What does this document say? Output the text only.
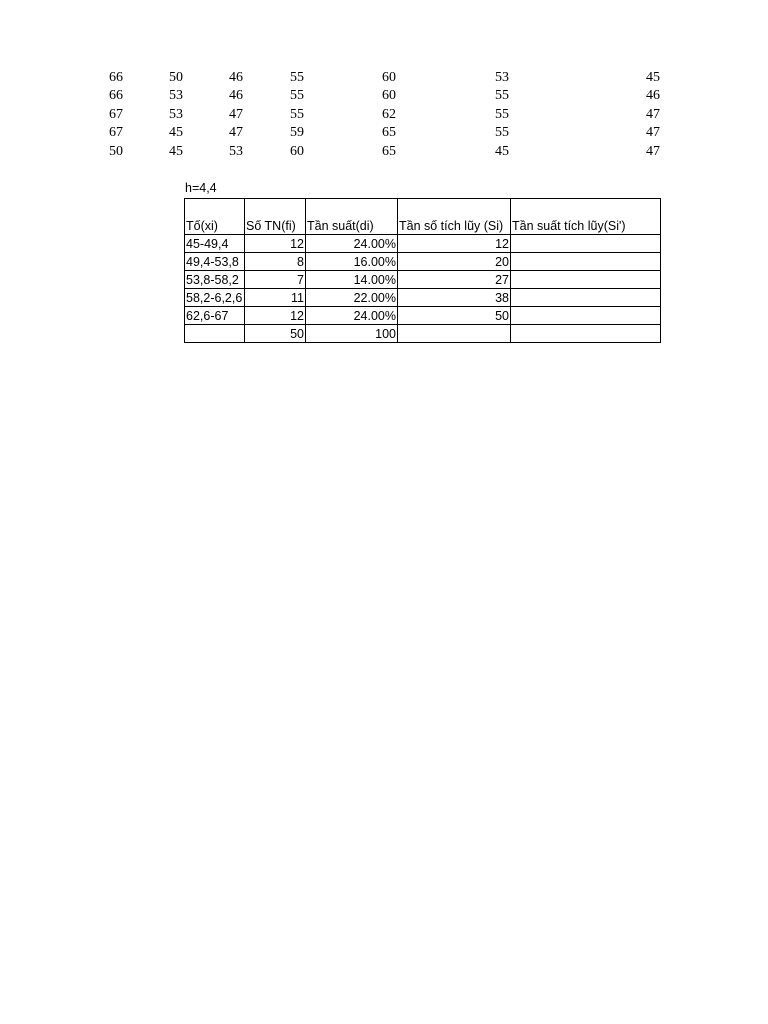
66	50	46	55	60	53	45
66	53	46	55	60	55	46
67	53	47	55	62	55	47
67	45	47	59	65	55	47
50	45	53	60	65	45	47
h=4,4
Tố(xi)	Số TN(fi)	Tần suất(di)	Tần số tích lũy (Si)	Tần suất tích lũy(Si')
45-49,4	12	24.00%	12	
49,4-53,8	8	16.00%	20	
53,8-58,2	7	14.00%	27	
58,2-6,2,6	11	22.00%	38	
62,6-67	12	24.00%	50	
	50	100		
